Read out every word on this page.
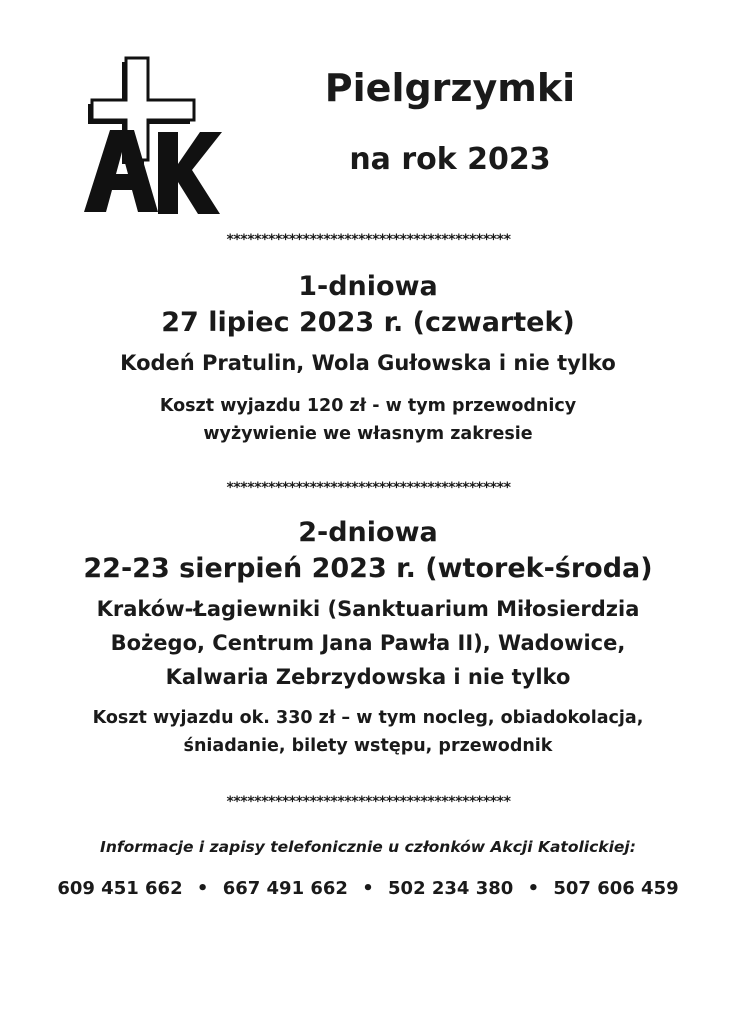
Pielgrzymki
na rok 2023
*****************************************

1-dniowa

27 lipiec 2023 r. (czwartek)

Kodeń Pratulin, Wola Gułowska i nie tylko

Koszt wyjazdu 120 zł - w tym przewodnicy

wyżywienie we własnym zakresie

*****************************************

2-dniowa

22-23 sierpień 2023 r. (wtorek-środa)

Kraków-Łagiewniki (Sanktuarium Miłosierdzia

Bożego, Centrum Jana Pawła II), Wadowice,

Kalwaria Zebrzydowska i nie tylko

Koszt wyjazdu ok. 330 zł – w tym nocleg, obiadokolacja,

śniadanie, bilety wstępu, przewodnik

*****************************************
Informacje i zapisy telefonicznie u członków Akcji Katolickiej:
609 451 662 • 667 491 662 • 502 234 380 • 507 606 459
